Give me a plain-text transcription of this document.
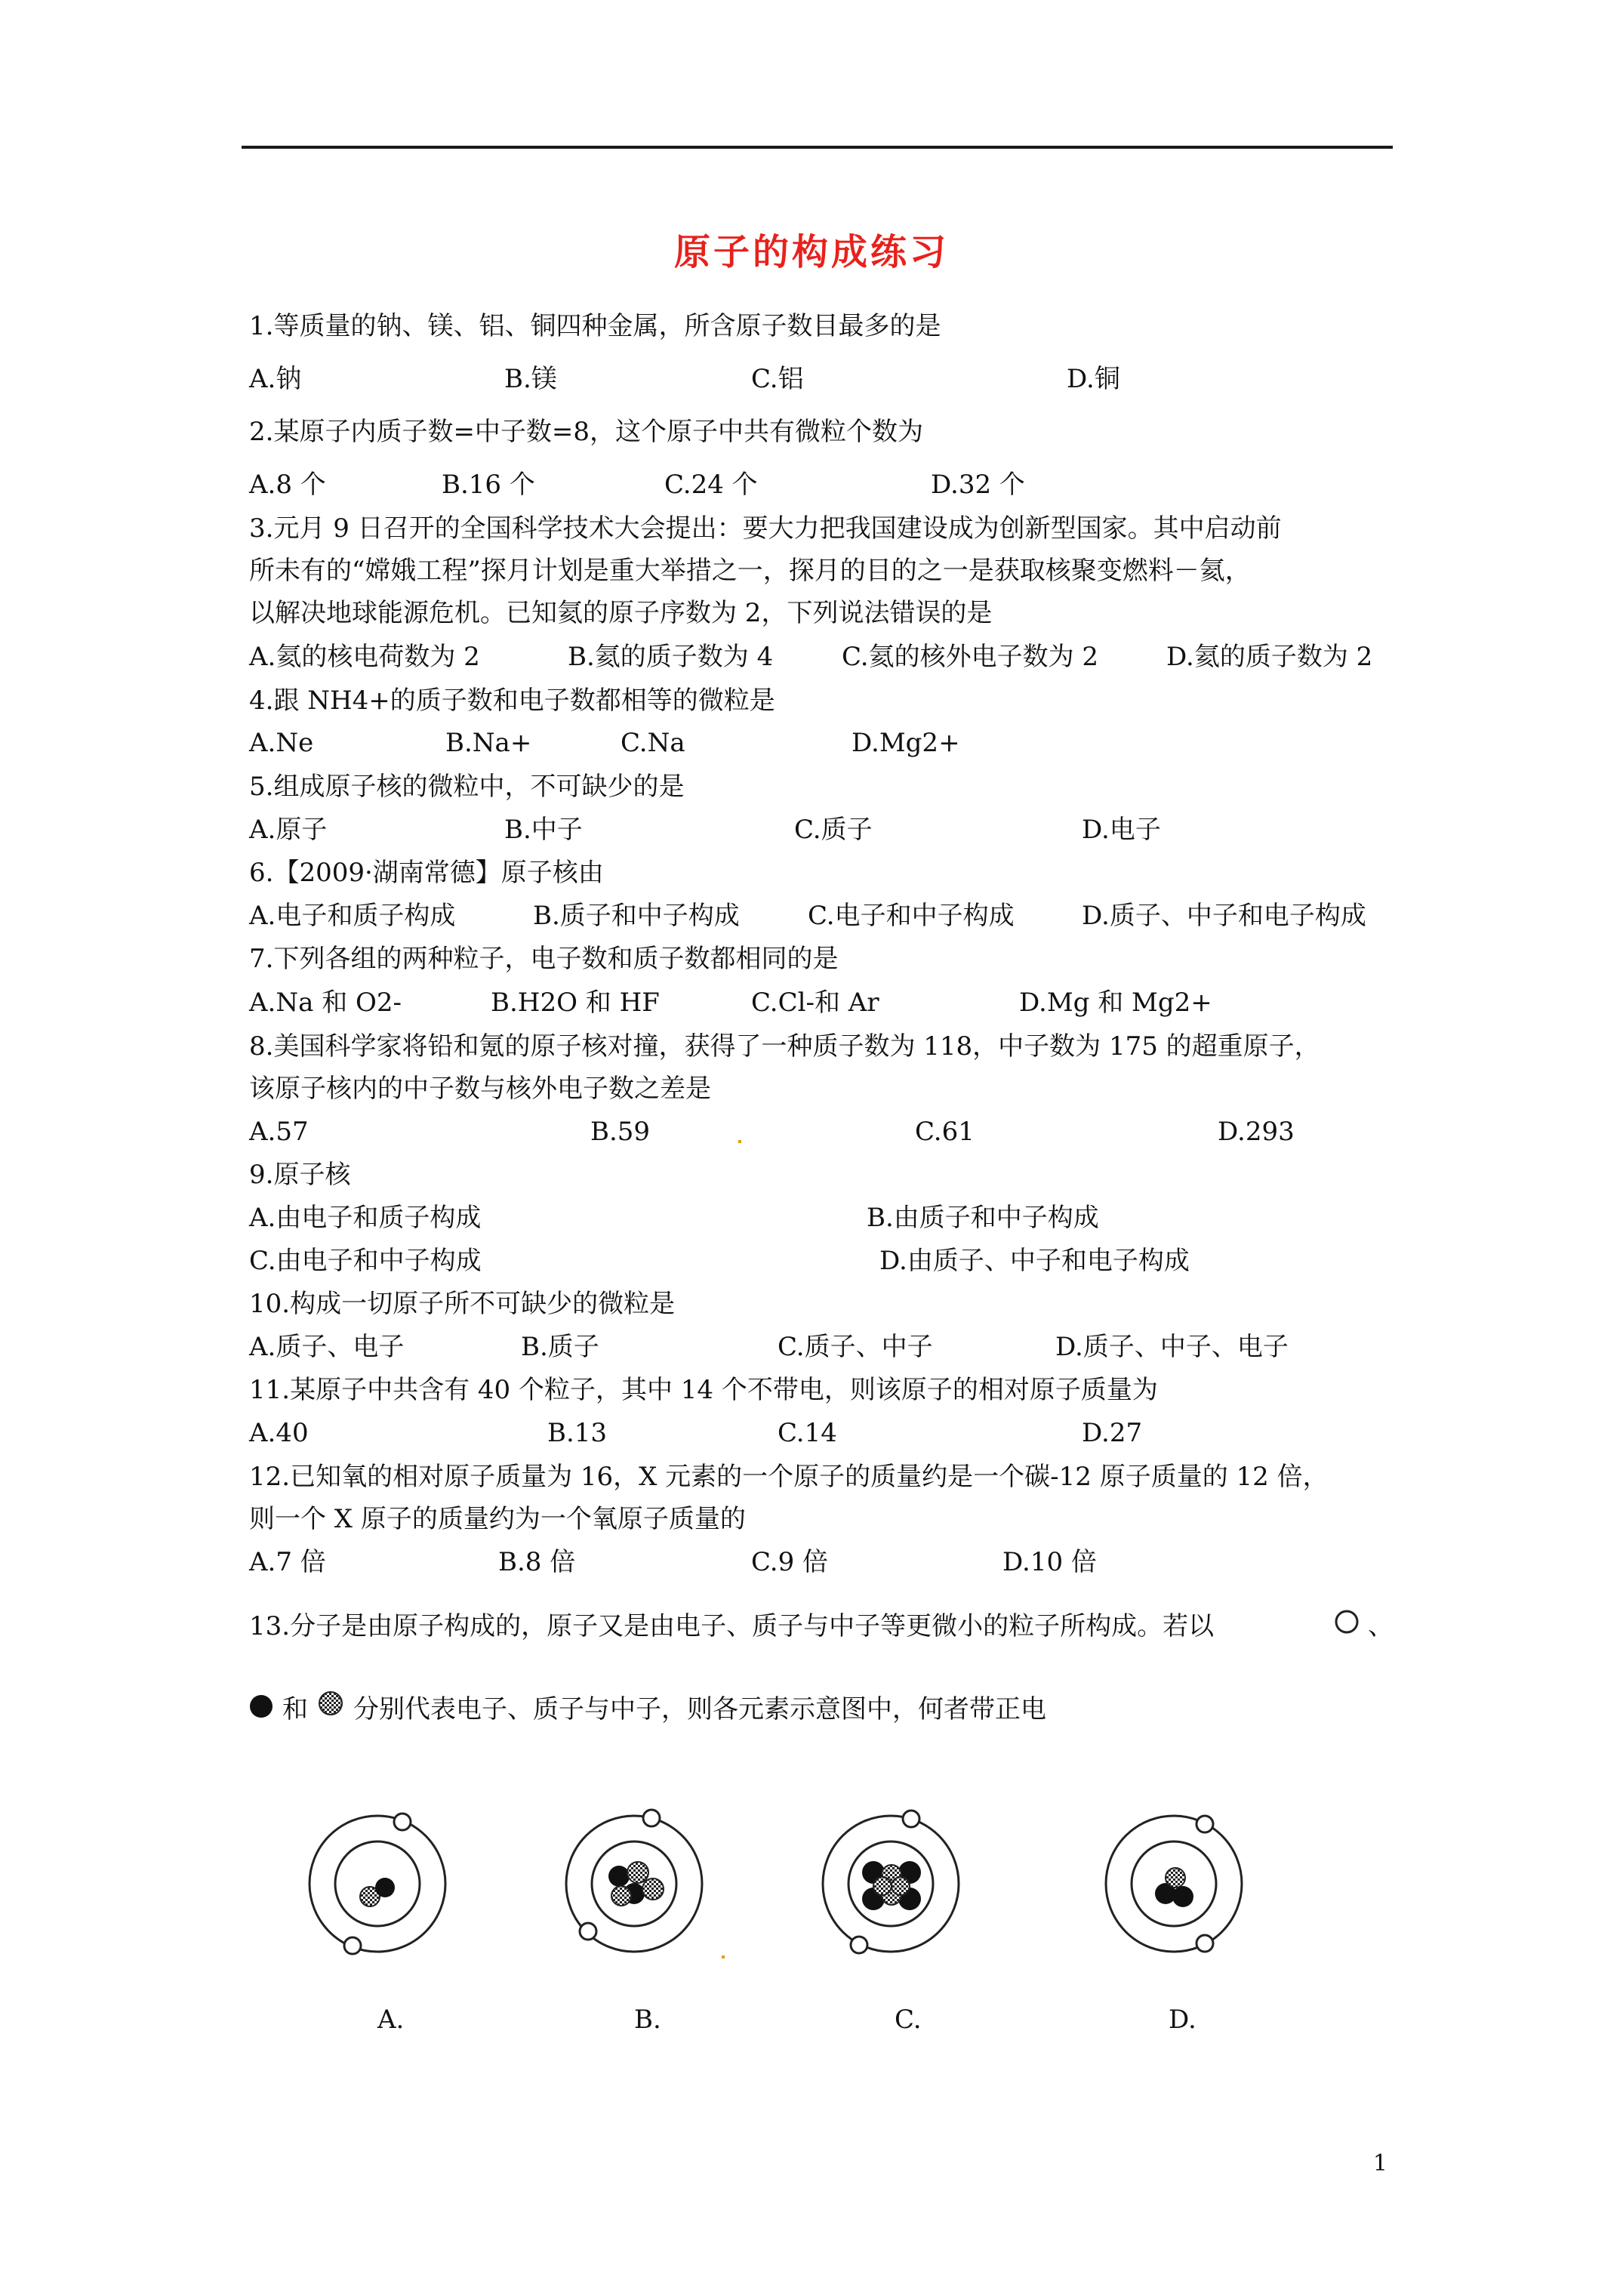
原子的构成练习
1.等质量的钠、镁、铝、铜四种金属，所含原子数目最多的是
A.钠	B.镁	C.铝	D.铜
2.某原子内质子数=中子数=8，这个原子中共有微粒个数为
A.8 个	B.16 个	C.24 个	D.32 个
3.元月 9 日召开的全国科学技术大会提出：要大力把我国建设成为创新型国家。其中启动前
所未有的“嫦娥工程”探月计划是重大举措之一，探月的目的之一是获取核聚变燃料－氦，
以解决地球能源危机。已知氦的原子序数为 2，下列说法错误的是
A.氦的核电荷数为 2	B.氦的质子数为 4	C.氦的核外电子数为 2	D.氦的质子数为 2
4.跟 NH4+的质子数和电子数都相等的微粒是
A.Ne	B.Na+	C.Na	D.Mg2+
5.组成原子核的微粒中，不可缺少的是
A.原子	B.中子	C.质子	D.电子
6.【2009·湖南常德】原子核由
A.电子和质子构成	B.质子和中子构成	C.电子和中子构成	D.质子、中子和电子构成
7.下列各组的两种粒子，电子数和质子数都相同的是
A.Na 和 O2-	B.H2O 和 HF	C.Cl-和 Ar	D.Mg 和 Mg2+
8.美国科学家将铅和氪的原子核对撞，获得了一种质子数为 118，中子数为 175 的超重原子，
该原子核内的中子数与核外电子数之差是
A.57	B.59	C.61	D.293
9.原子核
A.由电子和质子构成	B.由质子和中子构成
C.由电子和中子构成	D.由质子、中子和电子构成
10.构成一切原子所不可缺少的微粒是
A.质子、电子	B.质子	C.质子、中子	D.质子、中子、电子
11.某原子中共含有 40 个粒子，其中 14 个不带电，则该原子的相对原子质量为
A.40	B.13	C.14	D.27
12.已知氧的相对原子质量为 16，X 元素的一个原子的质量约是一个碳-12 原子质量的 12 倍，
则一个 X 原子的质量约为一个氧原子质量的
A.7 倍	B.8 倍	C.9 倍	D.10 倍
13.分子是由原子构成的，原子又是由电子、质子与中子等更微小的粒子所构成。若以	、
和 分别代表电子、质子与中子，则各元素示意图中，何者带正电
A.	B.	C.	D.
1
